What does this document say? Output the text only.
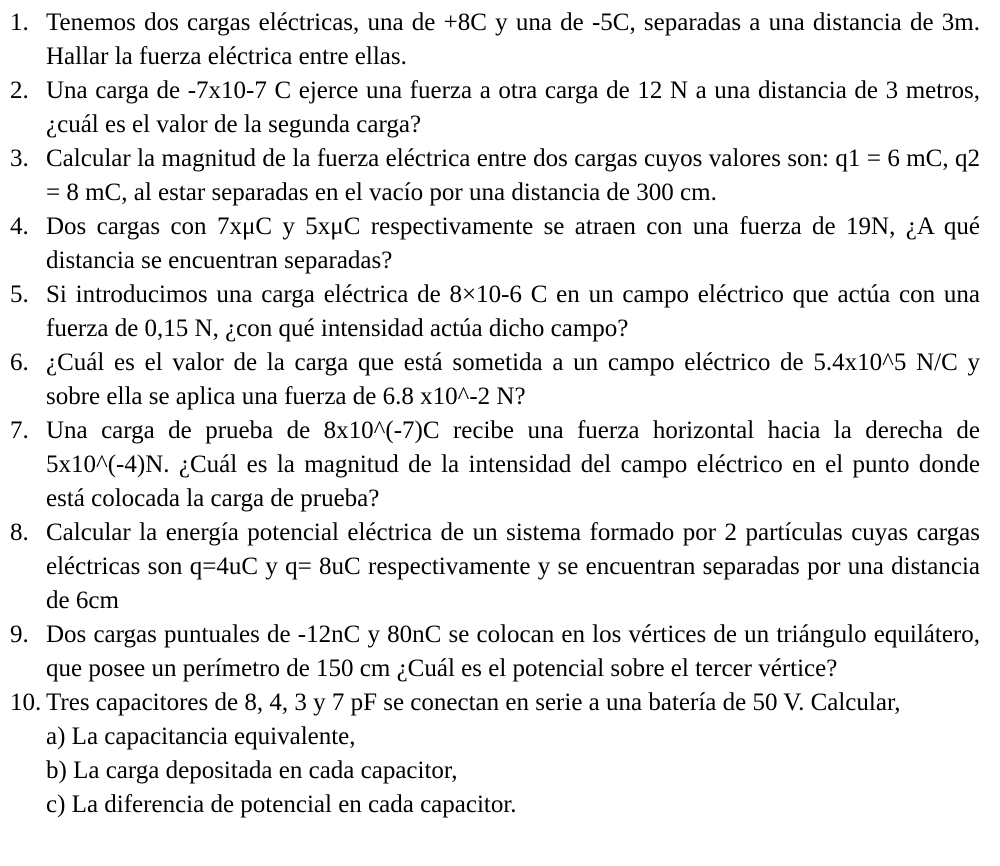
1. Tenemos dos cargas eléctricas, una de +8C y una de -5C, separadas a una distancia de 3m. Hallar la fuerza eléctrica entre ellas.
2. Una carga de -7x10-7 C ejerce una fuerza a otra carga de 12 N a una distancia de 3 metros, ¿cuál es el valor de la segunda carga?
3. Calcular la magnitud de la fuerza eléctrica entre dos cargas cuyos valores son: q1 = 6 mC, q2 = 8 mC, al estar separadas en el vacío por una distancia de 300 cm.
4. Dos cargas con 7xμC y 5xμC respectivamente se atraen con una fuerza de 19N, ¿A qué distancia se encuentran separadas?
5. Si introducimos una carga eléctrica de 8×10-6 C en un campo eléctrico que actúa con una fuerza de 0,15 N, ¿con qué intensidad actúa dicho campo?
6. ¿Cuál es el valor de la carga que está sometida a un campo eléctrico de 5.4x10^5 N/C y sobre ella se aplica una fuerza de 6.8 x10^-2 N?
7. Una carga de prueba de 8x10^(-7)C recibe una fuerza horizontal hacia la derecha de 5x10^(-4)N. ¿Cuál es la magnitud de la intensidad del campo eléctrico en el punto donde está colocada la carga de prueba?
8. Calcular la energía potencial eléctrica de un sistema formado por 2 partículas cuyas cargas eléctricas son q=4uC y q= 8uC respectivamente y se encuentran separadas por una distancia de 6cm
9. Dos cargas puntuales de -12nC y 80nC se colocan en los vértices de un triángulo equilátero, que posee un perímetro de 150 cm ¿Cuál es el potencial sobre el tercer vértice?
10. Tres capacitores de 8, 4, 3 y 7 pF se conectan en serie a una batería de 50 V. Calcular,
a) La capacitancia equivalente,
b) La carga depositada en cada capacitor,
c) La diferencia de potencial en cada capacitor.
